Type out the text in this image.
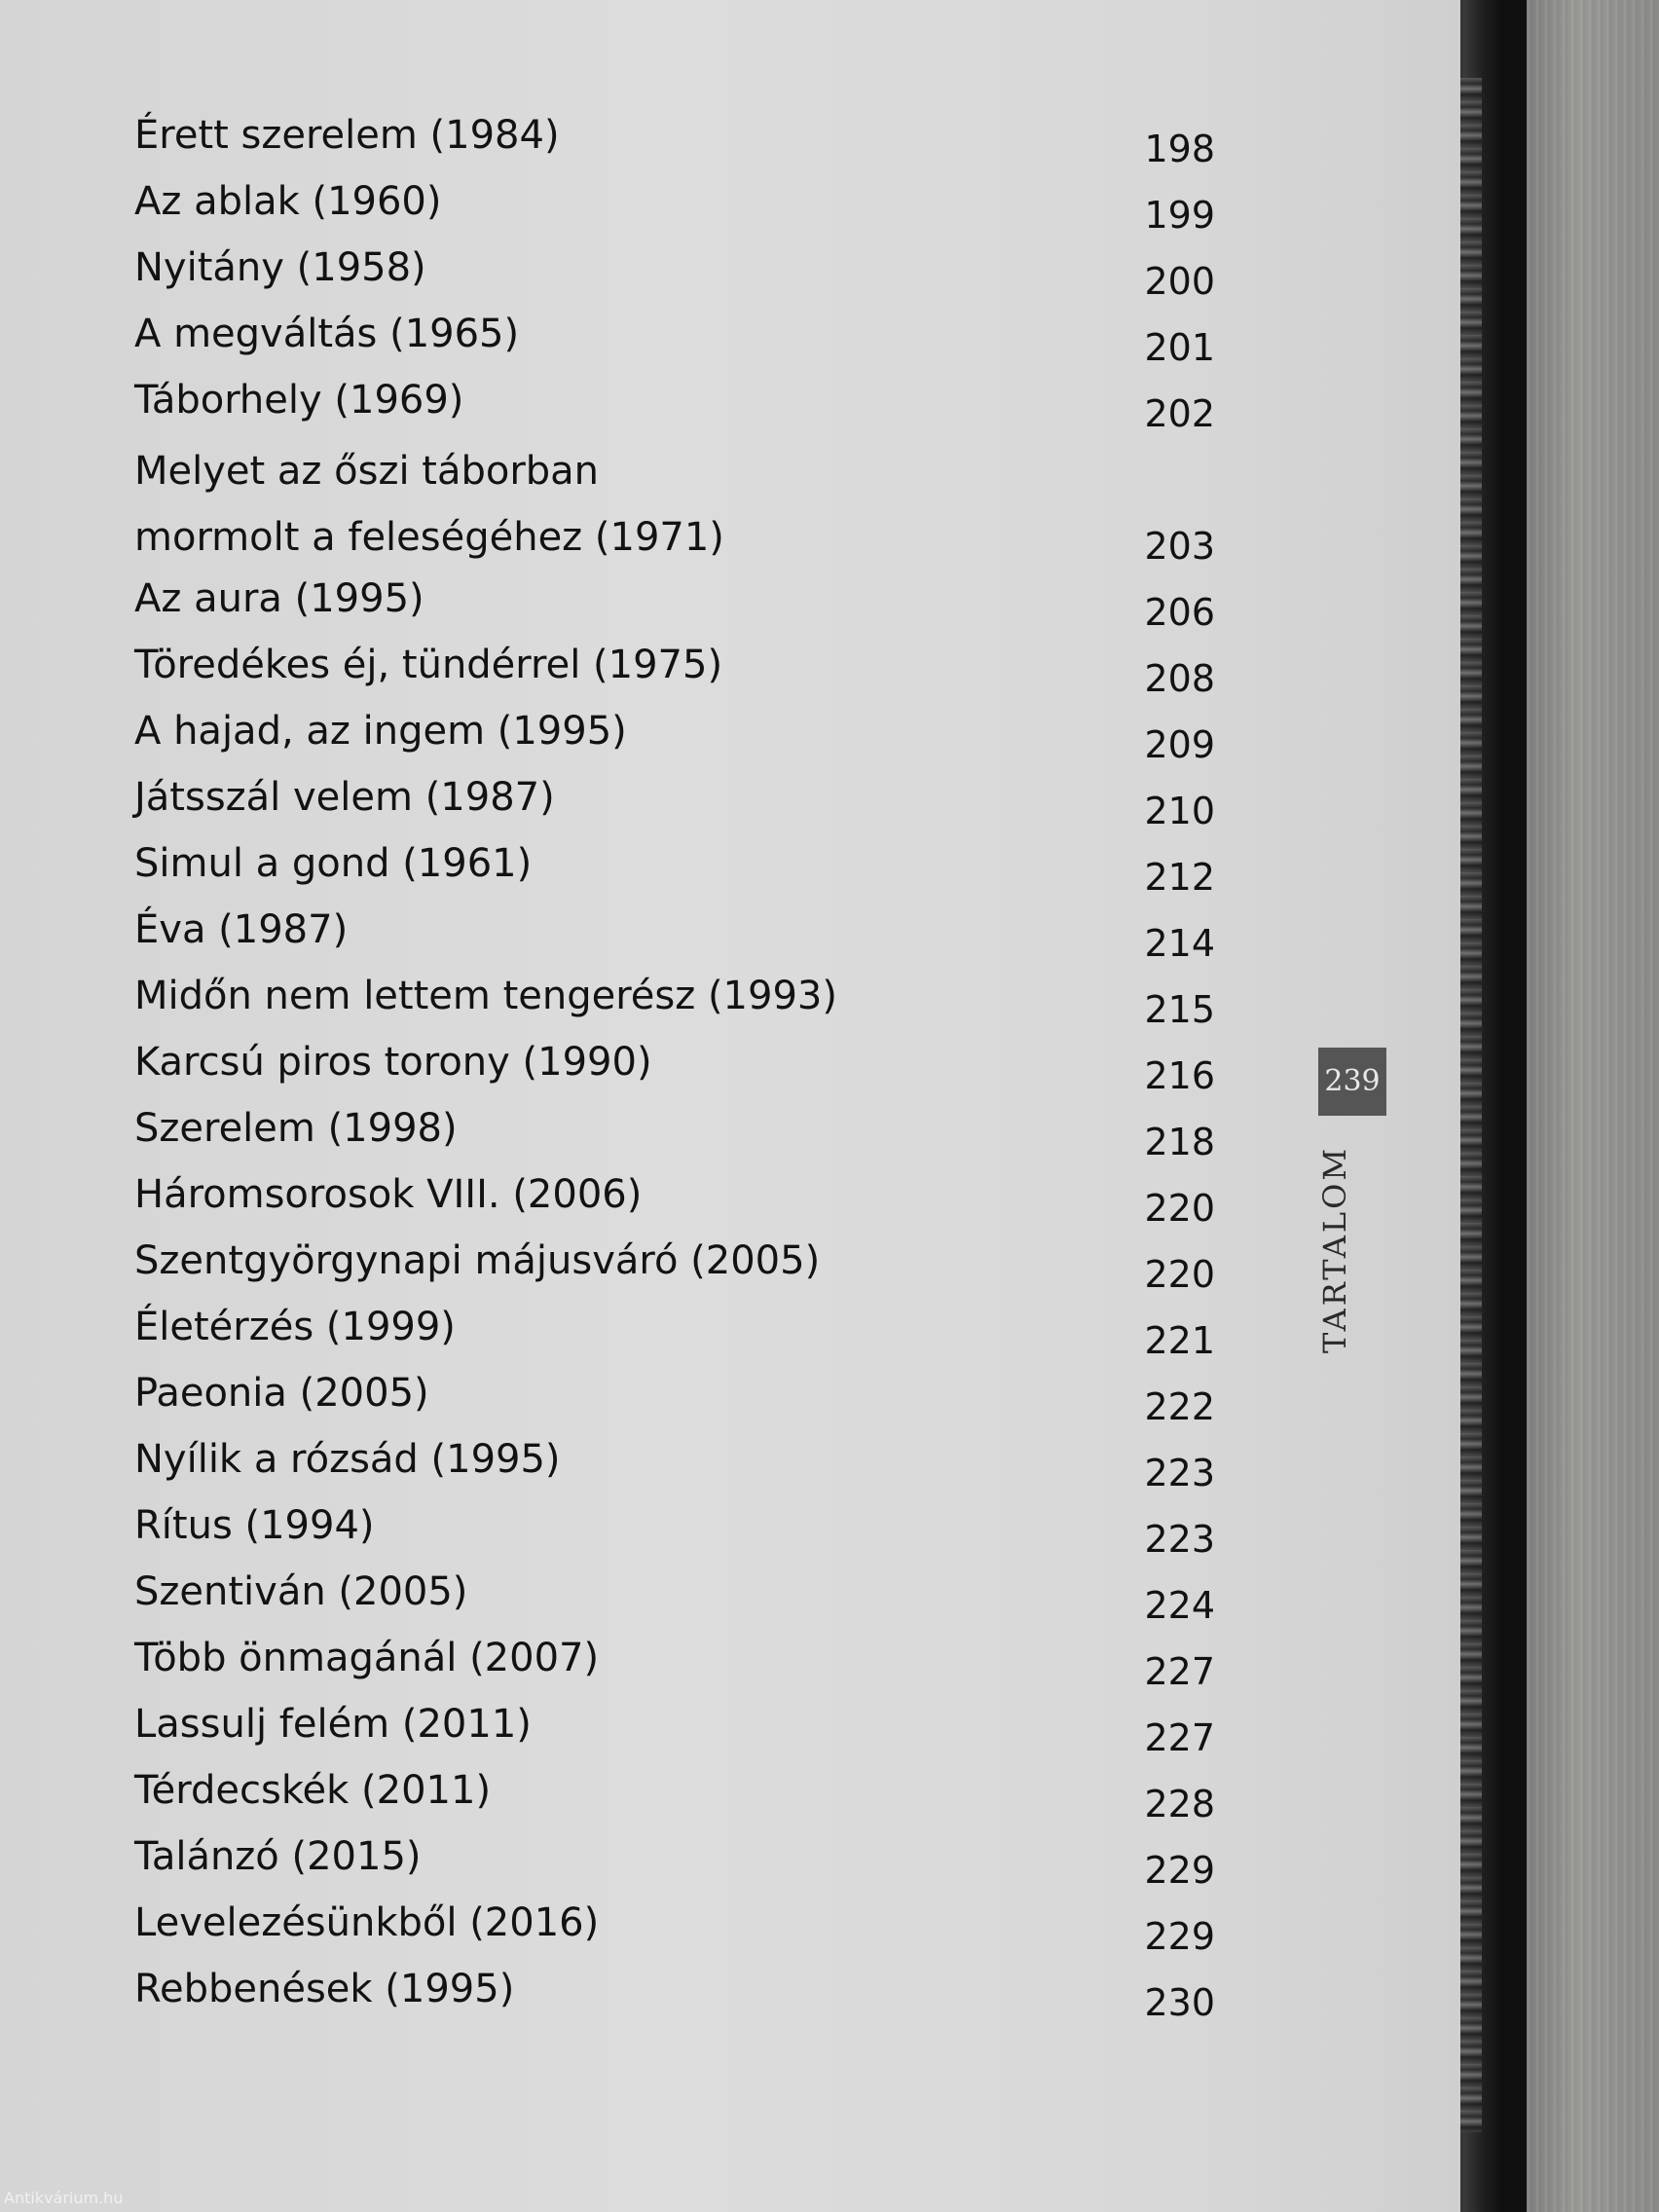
Érett szerelem (1984)	198
Az ablak (1960)	199
Nyitány (1958)	200
A megváltás (1965)	201
Táborhely (1969)	202
Melyet az őszi táborban
mormolt a feleségéhez (1971)	203
Az aura (1995)	206
Töredékes éj, tündérrel (1975)	208
A hajad, az ingem (1995)	209
Játsszál velem (1987)	210
Simul a gond (1961)	212
Éva (1987)	214
Midőn nem lettem tengerész (1993)	215
Karcsú piros torony (1990)	216
Szerelem (1998)	218
Háromsorosok VIII. (2006)	220
Szentgyörgynapi májusváró (2005)	220
Életérzés (1999)	221
Paeonia (2005)	222
Nyílik a rózsád (1995)	223
Rítus (1994)	223
Szentiván (2005)	224
Több önmagánál (2007)	227
Lassulj felém (2011)	227
Térdecskék (2011)	228
Talánzó (2015)	229
Levelezésünkből (2016)	229
Rebbenések (1995)	230
239
TARTALOM
Antikvárium.hu
